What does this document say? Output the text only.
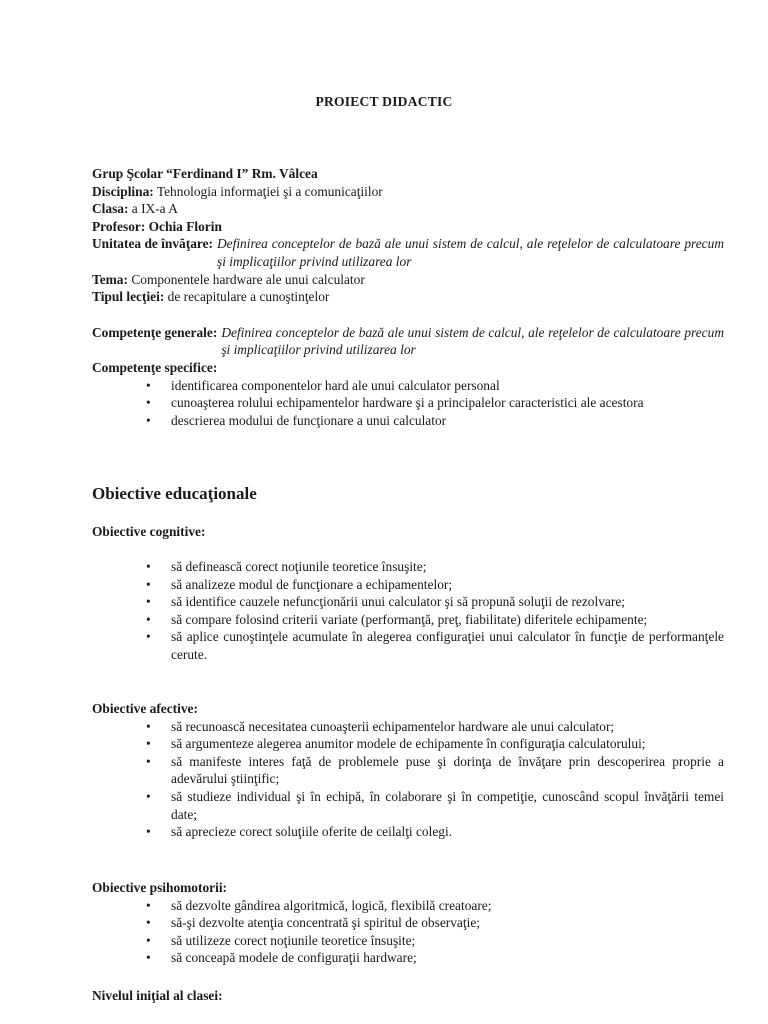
PROIECT DIDACTIC
Grup Şcolar “Ferdinand I” Rm. Vâlcea
Disciplina: Tehnologia informaţiei şi a comunicaţiilor
Clasa: a IX-a A
Profesor: Ochia Florin
Unitatea de învăţare: Definirea conceptelor de bază ale unui sistem de calcul, ale reţelelor de calculatoare precum şi implicaţiilor privind utilizarea lor
Tema: Componentele hardware ale unui calculator
Tipul lecţiei: de recapitulare a cunoştinţelor
Competenţe generale: Definirea conceptelor de bază ale unui sistem de calcul, ale reţelelor de calculatoare precum şi implicaţiilor privind utilizarea lor
Competenţe specifice:
• identificarea componentelor hard ale unui calculator personal
• cunoaşterea rolului echipamentelor hardware şi a principalelor caracteristici ale acestora
• descrierea modului de funcţionare a unui calculator
Obiective educaţionale
Obiective cognitive:
• să definească corect noţiunile teoretice însuşite;
• să analizeze modul de funcţionare a echipamentelor;
• să identifice cauzele nefuncţionării unui calculator şi să propună soluţii de rezolvare;
• să compare folosind criterii variate (performanţă, preţ, fiabilitate) diferitele echipamente;
• să aplice cunoştinţele acumulate în alegerea configuraţiei unui calculator în funcţie de performanţele cerute.
Obiective afective:
• să recunoască necesitatea cunoaşterii echipamentelor hardware ale unui calculator;
• să argumenteze alegerea anumitor modele de echipamente în configuraţia calculatorului;
• să manifeste interes faţă de problemele puse şi dorinţa de învăţare prin descoperirea proprie a adevărului ştiinţific;
• să studieze individual şi în echipă, în colaborare şi în competiţie, cunoscând scopul învăţării temei date;
• să aprecieze corect soluţiile oferite de ceilalţi colegi.
Obiective psihomotorii:
• să dezvolte gândirea algoritmică, logică, flexibilă creatoare;
• să-şi dezvolte atenţia concentrată şi spiritul de observaţie;
• să utilizeze corect noţiunile teoretice însuşite;
• să conceapă modele de configuraţii hardware;
Nivelul iniţial al clasei:
